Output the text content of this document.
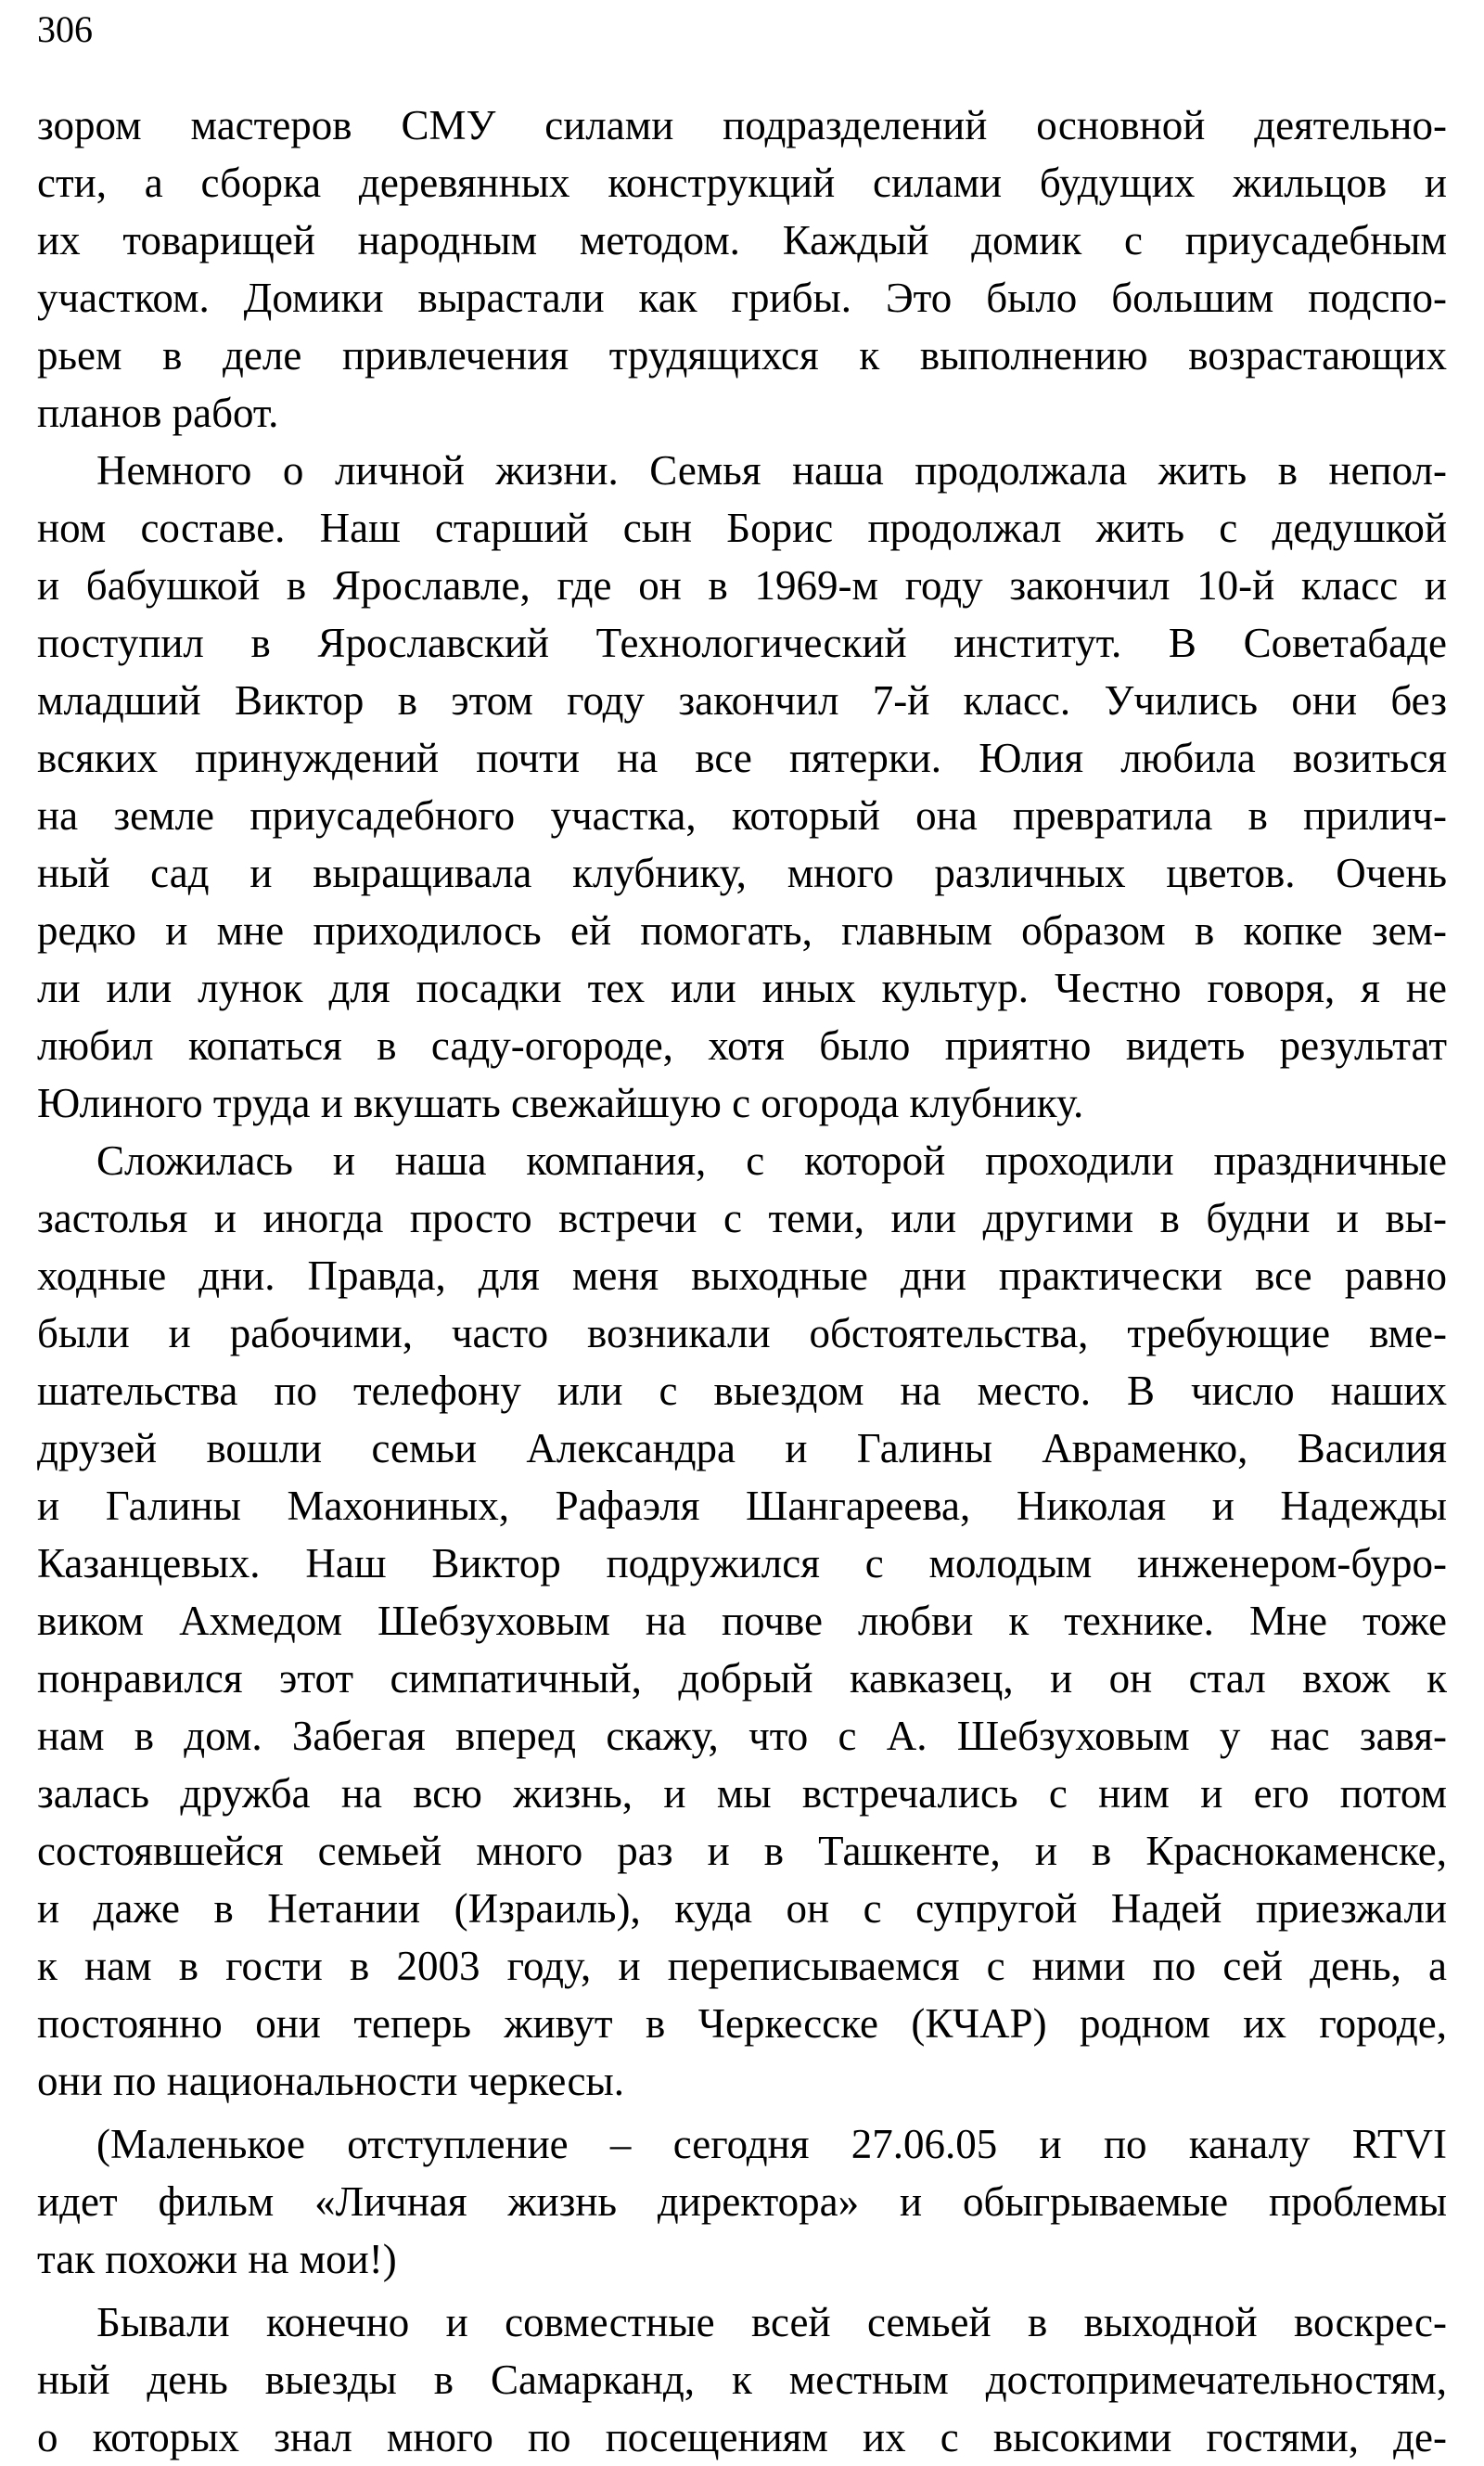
306
зором мастеров СМУ силами подразделений основной деятельно-
сти, а сборка деревянных конструкций силами будущих жильцов и
их товарищей народным методом. Каждый домик с приусадебным
участком. Домики вырастали как грибы. Это было большим подспо-
рьем в деле привлечения трудящихся к выполнению возрастающих
планов работ.
Немного о личной жизни. Семья наша продолжала жить в непол-
ном составе. Наш старший сын Борис продолжал жить с дедушкой
и бабушкой в Ярославле, где он в 1969-м году закончил 10-й класс и
поступил в Ярославский Технологический институт. В Советабаде
младший Виктор в этом году закончил 7-й класс. Учились они без
всяких принуждений почти на все пятерки. Юлия любила возиться
на земле приусадебного участка, который она превратила в прилич-
ный сад и выращивала клубнику, много различных цветов. Очень
редко и мне приходилось ей помогать, главным образом в копке зем-
ли или лунок для посадки тех или иных культур. Честно говоря, я не
любил копаться в саду-огороде, хотя было приятно видеть результат
Юлиного труда и вкушать свежайшую с огорода клубнику.
Сложилась и наша компания, с которой проходили праздничные
застолья и иногда просто встречи с теми, или другими в будни и вы-
ходные дни. Правда, для меня выходные дни практически все равно
были и рабочими, часто возникали обстоятельства, требующие вме-
шательства по телефону или с выездом на место. В число наших
друзей вошли семьи Александра и Галины Авраменко, Василия
и Галины Махониных, Рафаэля Шангареева, Николая и Надежды
Казанцевых. Наш Виктор подружился с молодым инженером-буро-
виком Ахмедом Шебзуховым на почве любви к технике. Мне тоже
понравился этот симпатичный, добрый кавказец, и он стал вхож к
нам в дом. Забегая вперед скажу, что с А. Шебзуховым у нас завя-
залась дружба на всю жизнь, и мы встречались с ним и его потом
состоявшейся семьей много раз и в Ташкенте, и в Краснокаменске,
и даже в Нетании (Израиль), куда он с супругой Надей приезжали
к нам в гости в 2003 году, и переписываемся с ними по сей день, а
постоянно они теперь живут в Черкесске (КЧАР) родном их городе,
они по национальности черкесы.
(Маленькое отступление – сегодня 27.06.05 и по каналу RTVI
идет фильм «Личная жизнь директора» и обыгрываемые проблемы
так похожи на мои!)
Бывали конечно и совместные всей семьей в выходной воскрес-
ный день выезды в Самарканд, к местным достопримечательностям,
о которых знал много по посещениям их с высокими гостями, де-
